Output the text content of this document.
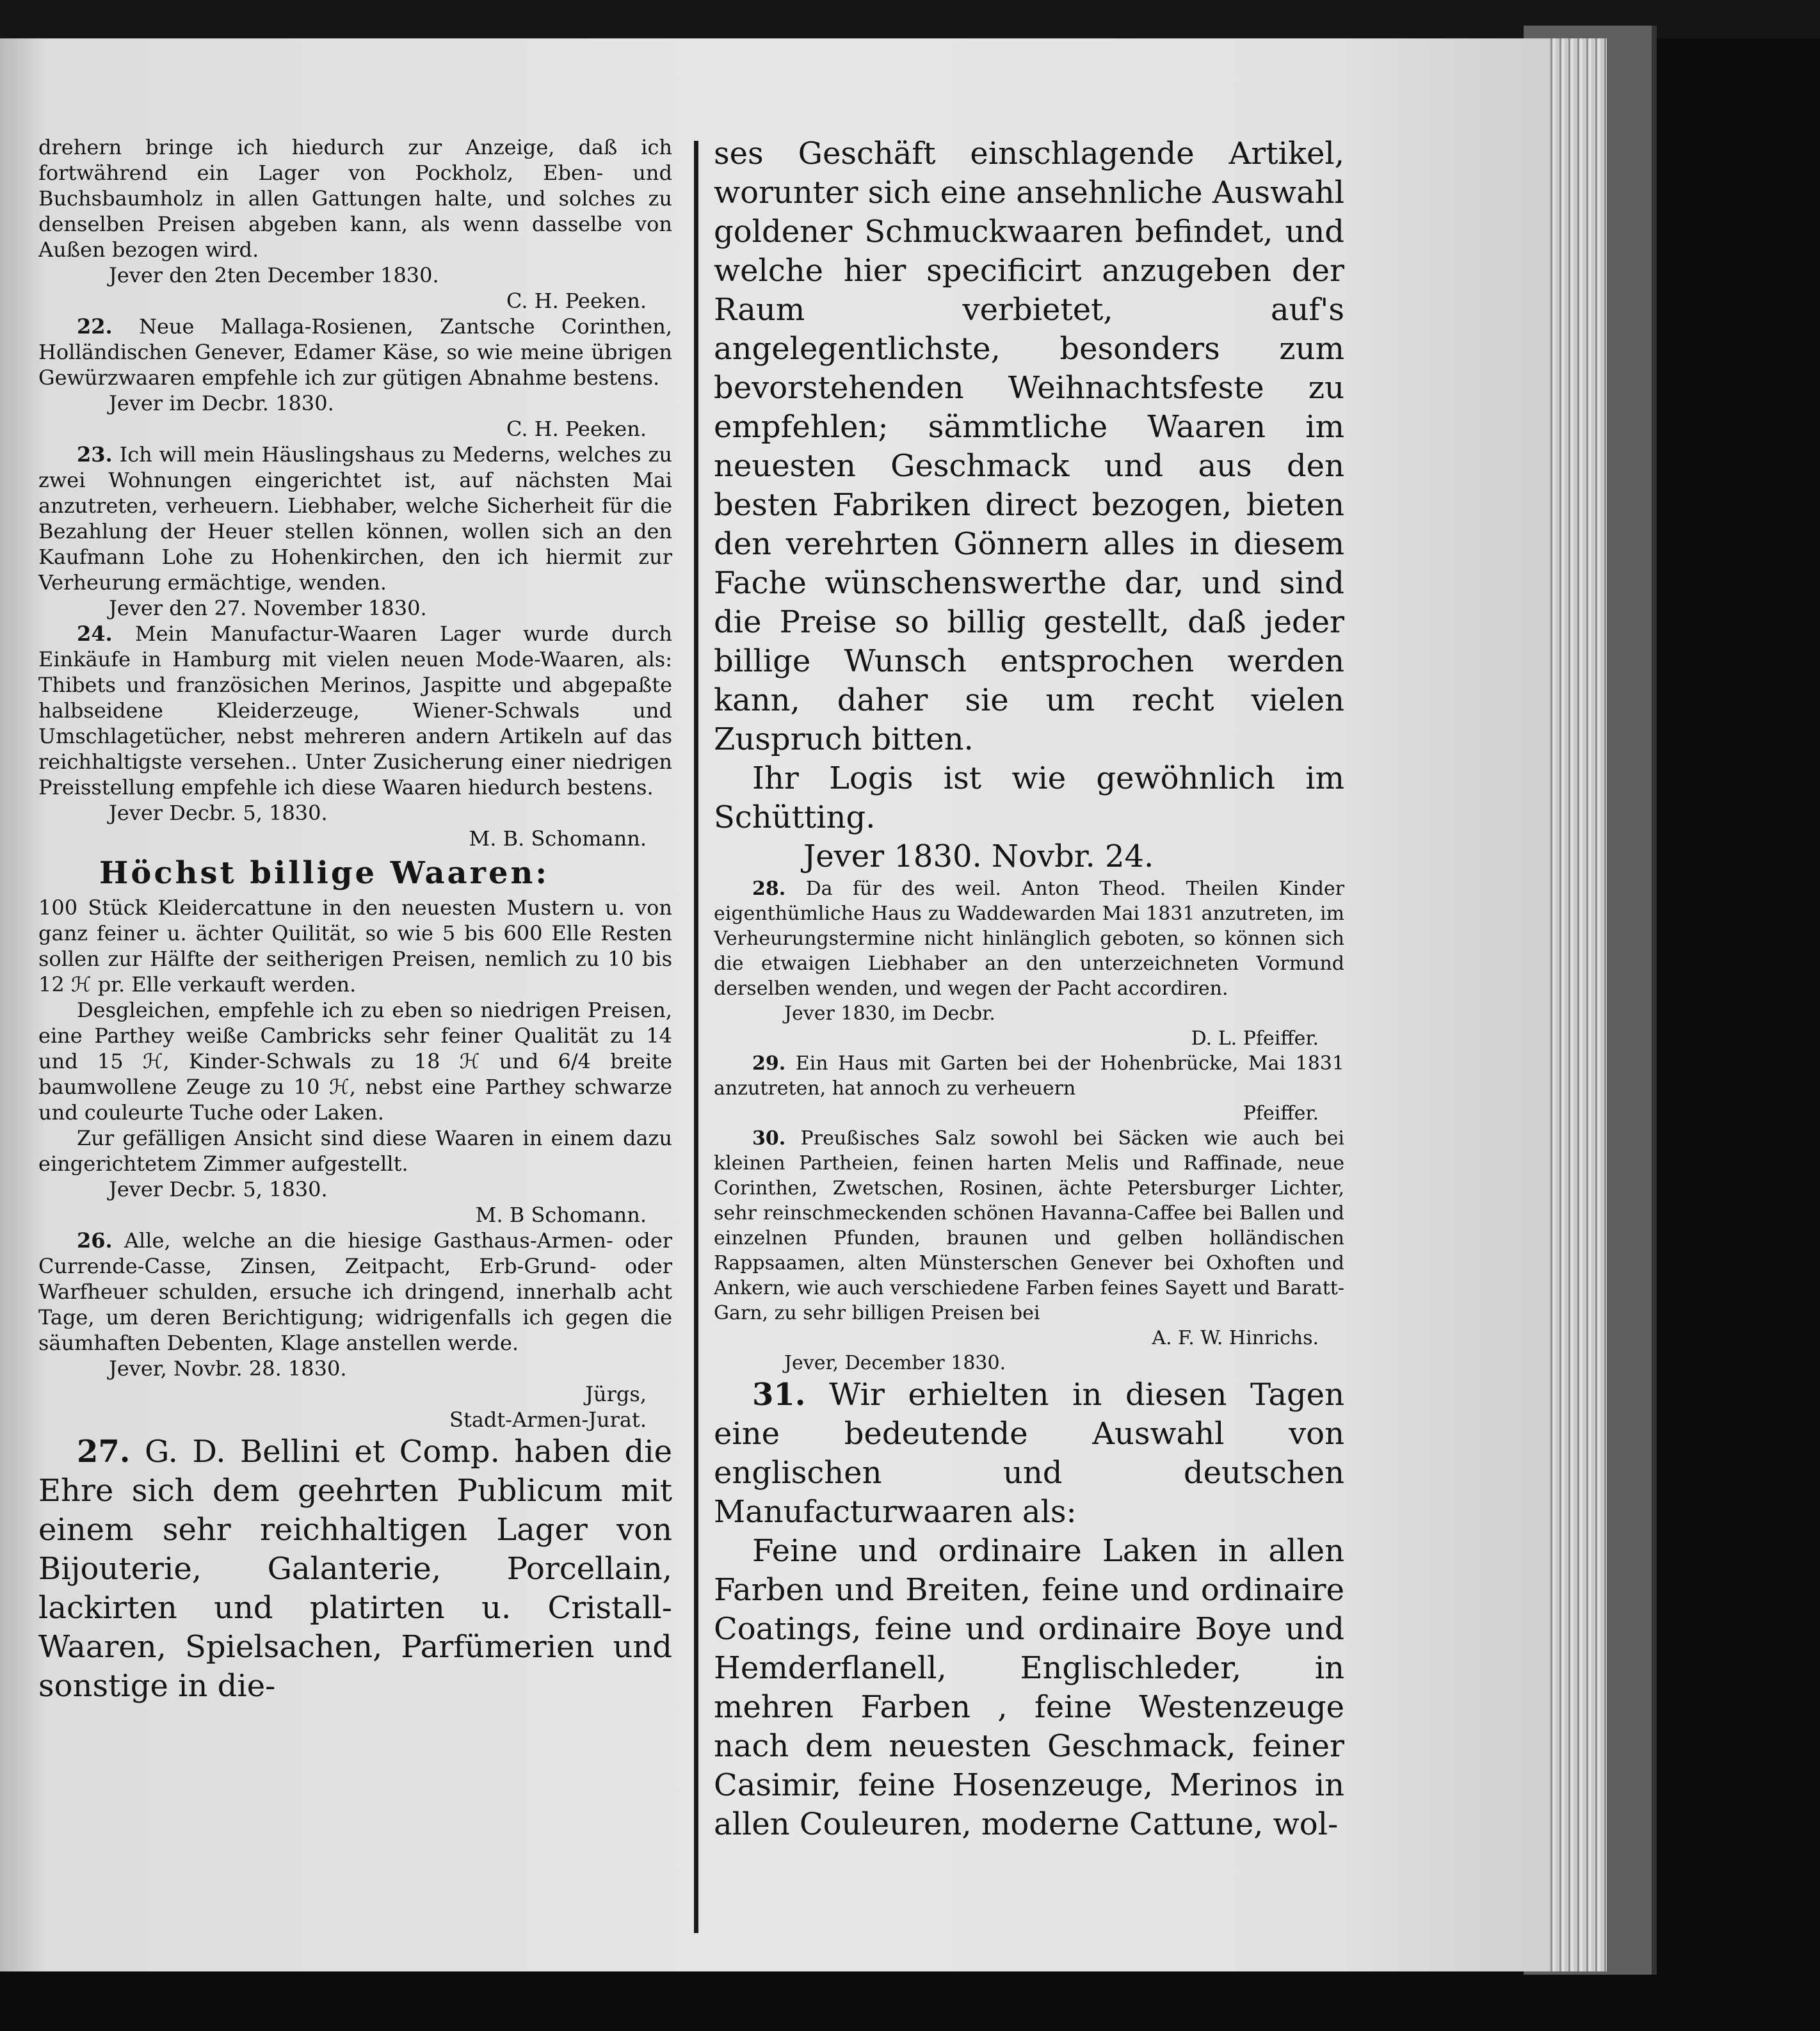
drehern bringe ich hiedurch zur Anzeige, daß ich fortwährend ein Lager von Pockholz, Eben- und Buchsbaumholz in allen Gattungen halte, und solches zu denselben Preisen abgeben kann, als wenn dasselbe von Außen bezogen wird.

Jever den 2ten December 1830.

C. H. Peeken.

22. Neue Mallaga-Rosienen, Zantsche Corinthen, Holländischen Genever, Edamer Käse, so wie meine übrigen Gewürzwaaren empfehle ich zur gütigen Abnahme bestens.

Jever im Decbr. 1830.

C. H. Peeken.

23. Ich will mein Häuslingshaus zu Mederns, welches zu zwei Wohnungen eingerichtet ist, auf nächsten Mai anzutreten, verheuern. Liebhaber, welche Sicherheit für die Bezahlung der Heuer stellen können, wollen sich an den Kaufmann Lohe zu Hohenkirchen, den ich hiermit zur Verheurung ermächtige, wenden.

Jever den 27. November 1830.

24. Mein Manufactur-Waaren Lager wurde durch Einkäufe in Hamburg mit vielen neuen Mode-Waaren, als: Thibets und französichen Merinos, Jaspitte und abgepaßte halbseidene Kleiderzeuge, Wiener-Schwals und Umschlagetücher, nebst mehreren andern Artikeln auf das reichhaltigste versehen.. Unter Zusicherung einer niedrigen Preisstellung empfehle ich diese Waaren hiedurch bestens.

Jever Decbr. 5, 1830.

M. B. Schomann.

Höchst billige Waaren:

100 Stück Kleidercattune in den neuesten Mustern u. von ganz feiner u. ächter Quilität, so wie 5 bis 600 Elle Resten sollen zur Hälfte der seitherigen Preisen, nemlich zu 10 bis 12 ℋ pr. Elle verkauft werden.

Desgleichen, empfehle ich zu eben so niedrigen Preisen, eine Parthey weiße Cambricks sehr feiner Qualität zu 14 und 15 ℋ, Kinder-Schwals zu 18 ℋ und 6/4 breite baumwollene Zeuge zu 10 ℋ, nebst eine Parthey schwarze und couleurte Tuche oder Laken.

Zur gefälligen Ansicht sind diese Waaren in einem dazu eingerichtetem Zimmer aufgestellt.

Jever Decbr. 5, 1830.

M. B Schomann.

26. Alle, welche an die hiesige Gasthaus-Armen- oder Currende-Casse, Zinsen, Zeitpacht, Erb-Grund- oder Warfheuer schulden, ersuche ich dringend, innerhalb acht Tage, um deren Berichtigung; widrigenfalls ich gegen die säumhaften Debenten, Klage anstellen werde.

Jever, Novbr. 28. 1830.

Jürgs,

Stadt-Armen-Jurat.

27. G. D. Bellini et Comp. haben die Ehre sich dem geehrten Publicum mit einem sehr reichhaltigen Lager von Bijouterie, Galanterie, Porcellain, lackirten und platirten u. Cristall-Waaren, Spielsachen, Parfümerien und sonstige in die-

ses Geschäft einschlagende Artikel, worunter sich eine ansehnliche Auswahl goldener Schmuckwaaren befindet, und welche hier specificirt anzugeben der Raum verbietet, auf's angelegentlichste, besonders zum bevorstehenden Weihnachtsfeste zu empfehlen; sämmtliche Waaren im neuesten Geschmack und aus den besten Fabriken direct bezogen, bieten den verehrten Gönnern alles in diesem Fache wünschenswerthe dar, und sind die Preise so billig gestellt, daß jeder billige Wunsch entsprochen werden kann, daher sie um recht vielen Zuspruch bitten.

Ihr Logis ist wie gewöhnlich im Schütting.

Jever 1830. Novbr. 24.

28. Da für des weil. Anton Theod. Theilen Kinder eigenthümliche Haus zu Waddewarden Mai 1831 anzutreten, im Verheurungstermine nicht hinlänglich geboten, so können sich die etwaigen Liebhaber an den unterzeichneten Vormund derselben wenden, und wegen der Pacht accordiren.

Jever 1830, im Decbr.

D. L. Pfeiffer.

29. Ein Haus mit Garten bei der Hohenbrücke, Mai 1831 anzutreten, hat annoch zu verheuern

Pfeiffer.

30. Preußisches Salz sowohl bei Säcken wie auch bei kleinen Partheien, feinen harten Melis und Raffinade, neue Corinthen, Zwetschen, Rosinen, ächte Petersburger Lichter, sehr reinschmeckenden schönen Havanna-Caffee bei Ballen und einzelnen Pfunden, braunen und gelben holländischen Rappsaamen, alten Münsterschen Genever bei Oxhoften und Ankern, wie auch verschiedene Farben feines Sayett und Baratt-Garn, zu sehr billigen Preisen bei

A. F. W. Hinrichs.

Jever, December 1830.

31. Wir erhielten in diesen Tagen eine bedeutende Auswahl von englischen und deutschen Manufacturwaaren als:

Feine und ordinaire Laken in allen Farben und Breiten, feine und ordinaire Coatings, feine und ordinaire Boye und Hemderflanell, Englischleder, in mehren Farben , feine Westenzeuge nach dem neuesten Geschmack, feiner Casimir, feine Hosenzeuge, Merinos in allen Couleuren, moderne Cattune, wol-
